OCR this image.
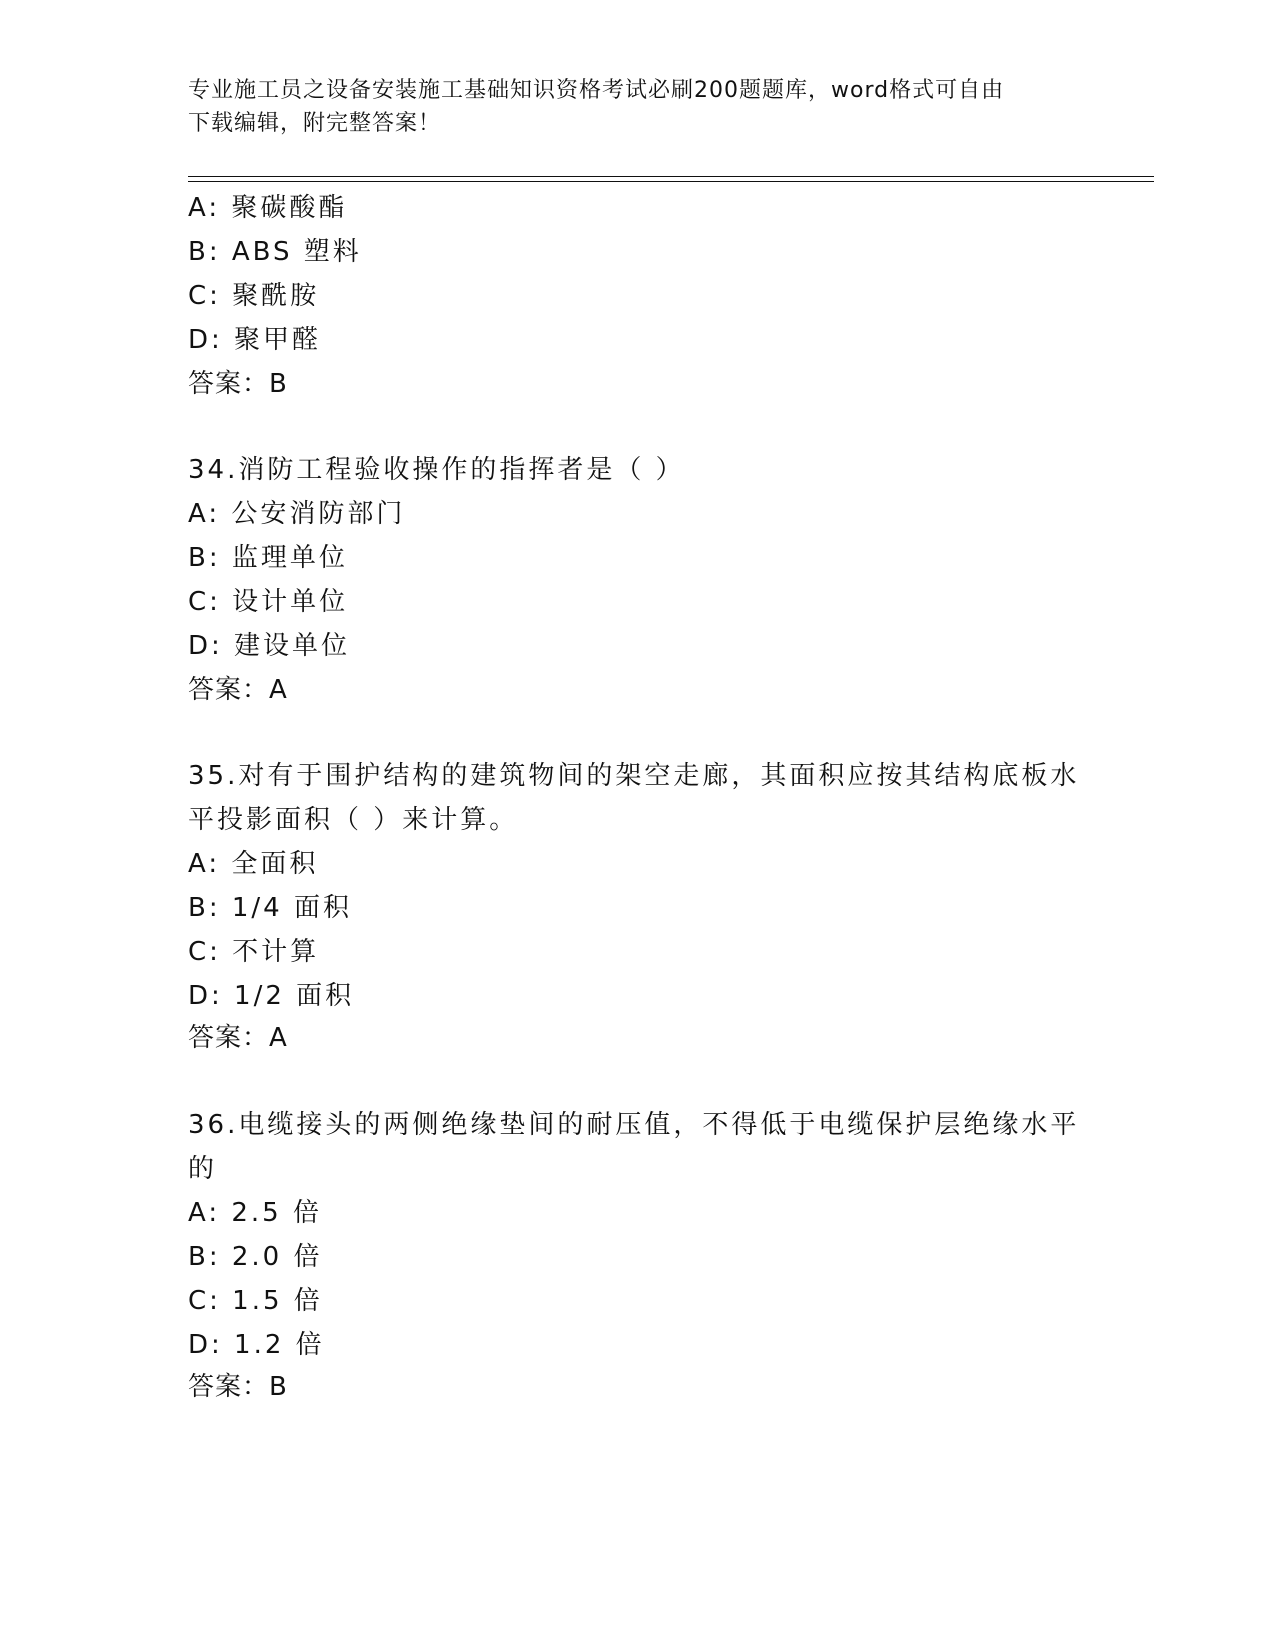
专业施工员之设备安装施工基础知识资格考试必刷200题题库，word格式可自由
下载编辑，附完整答案！
A: 聚碳酸酯
B: ABS 塑料
C: 聚酰胺
D: 聚甲醛
答案：B
34.消防工程验收操作的指挥者是（ ）
A: 公安消防部门
B: 监理单位
C: 设计单位
D: 建设单位
答案：A
35.对有于围护结构的建筑物间的架空走廊，其面积应按其结构底板水
平投影面积（ ）来计算。
A: 全面积
B: 1/4 面积
C: 不计算
D: 1/2 面积
答案：A
36.电缆接头的两侧绝缘垫间的耐压值，不得低于电缆保护层绝缘水平
的
A: 2.5 倍
B: 2.0 倍
C: 1.5 倍
D: 1.2 倍
答案：B
